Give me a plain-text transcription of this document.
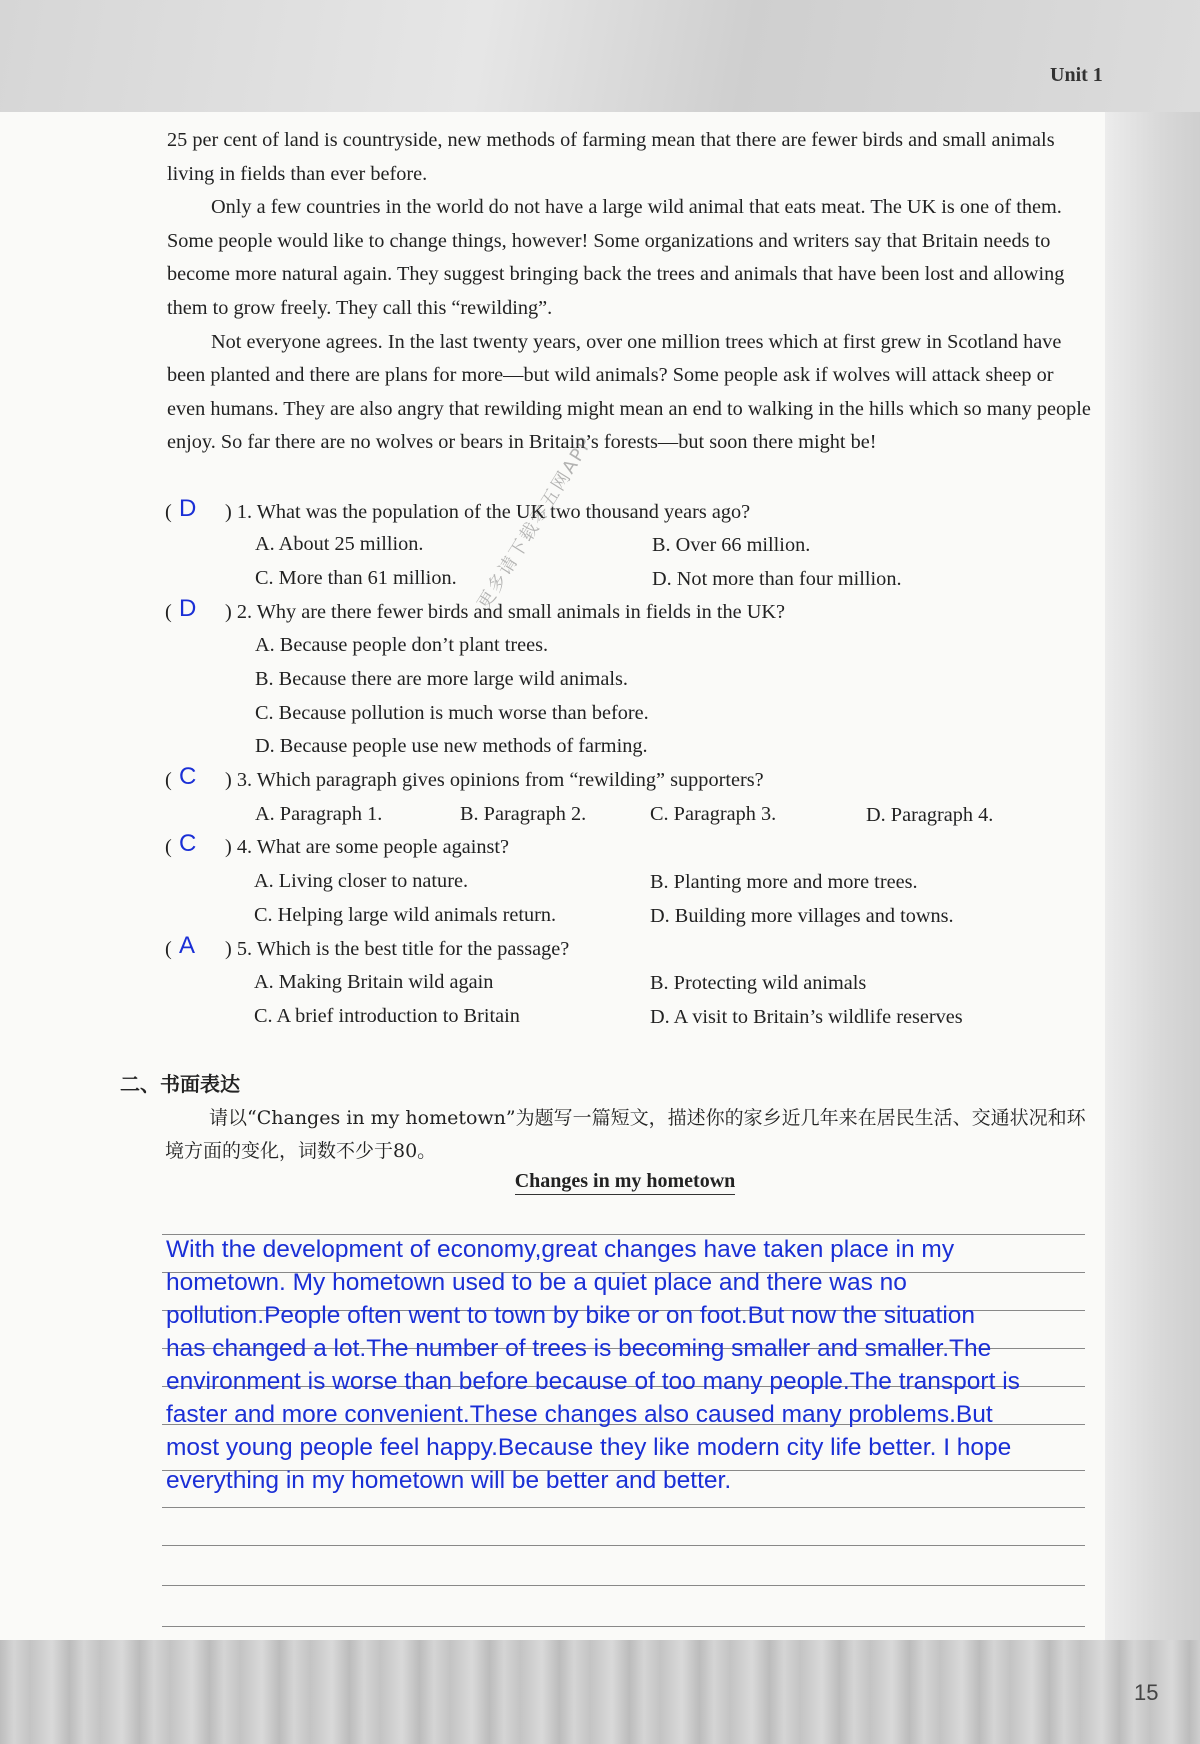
Unit 1
15

25 per cent of land is countryside, new methods of farming mean that there are fewer birds and small animals living in fields than ever before.

Only a few countries in the world do not have a large wild animal that eats meat. The UK is one of them. Some people would like to change things, however! Some organizations and writers say that Britain needs to become more natural again. They suggest bringing back the trees and animals that have been lost and allowing them to grow freely. They call this “rewilding”.

Not everyone agrees. In the last twenty years, over one million trees which at first grew in Scotland have been planted and there are plans for more—but wild animals? Some people ask if wolves will attack sheep or even humans. They are also angry that rewilding might mean an end to walking in the hills which so many people enjoy. So far there are no wolves or bears in Britain’s forests—but soon there might be!

更多请下载零五网APP
( D ) 1. What was the population of the UK two thousand years ago?
A. About 25 million.	B. Over 66 million.
C. More than 61 million.	D. Not more than four million.
( D ) 2. Why are there fewer birds and small animals in fields in the UK?
A. Because people don’t plant trees.
B. Because there are more large wild animals.
C. Because pollution is much worse than before.
D. Because people use new methods of farming.
( C ) 3. Which paragraph gives opinions from “rewilding” supporters?
A. Paragraph 1.	B. Paragraph 2.	C. Paragraph 3.	D. Paragraph 4.
( C ) 4. What are some people against?
A. Living closer to nature.	B. Planting more and more trees.
C. Helping large wild animals return.	D. Building more villages and towns.
( A ) 5. Which is the best title for the passage?
A. Making Britain wild again	B. Protecting wild animals
C. A brief introduction to Britain	D. A visit to Britain’s wildlife reserves
二、书面表达
请以“Changes in my hometown”为题写一篇短文，描述你的家乡近几年来在居民生活、交通状况和环境方面的变化，词数不少于80。
Changes in my hometown
With the development of economy,great changes have taken place in my
hometown. My hometown used to be a quiet place and there was no
pollution.People often went to town by bike or on foot.But now the situation
has changed a lot.The number of trees is becoming smaller and smaller.The
environment is worse than before because of too many people.The transport is
faster and more convenient.These changes also caused many problems.But
most young people feel happy.Because they like modern city life better. I hope
everything in my hometown will be better and better.
